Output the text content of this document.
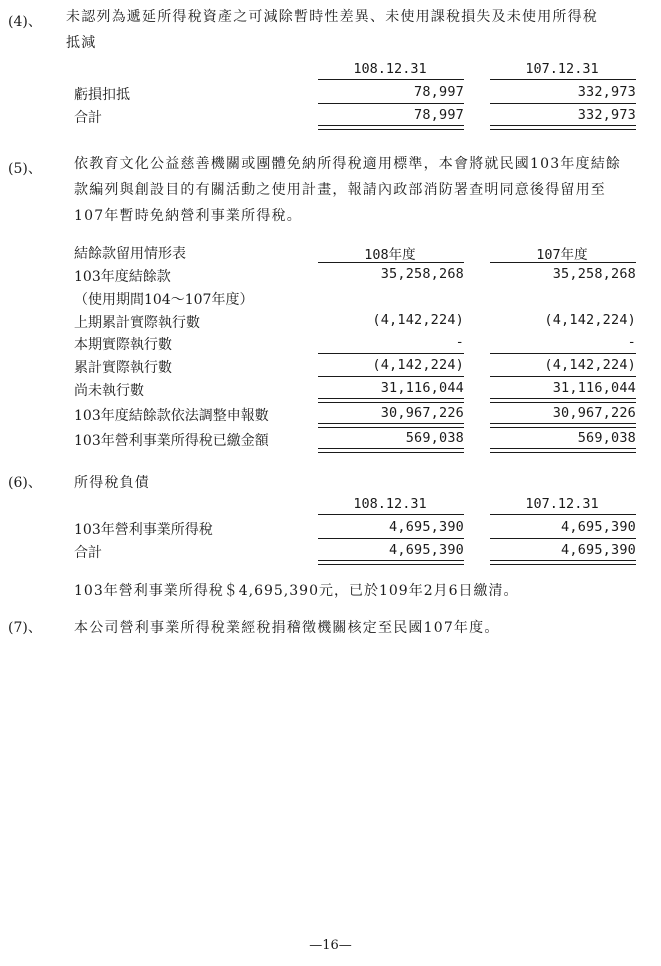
(4)、 未認列為遞延所得稅資產之可減除暫時性差異、未使用課稅損失及未使用所得稅
抵減
108.12.31	107.12.31
虧損扣抵	78,997	332,973
合計	78,997	332,973
(5)、 依教育文化公益慈善機關或團體免納所得稅適用標準，本會將就民國103年度結餘
款編列與創設目的有關活動之使用計畫，報請內政部消防署查明同意後得留用至
107年暫時免納營利事業所得稅。
結餘款留用情形表	108年度	107年度
103年度結餘款	35,258,268	35,258,268
（使用期間104～107年度）
上期累計實際執行數	(4,142,224)	(4,142,224)
本期實際執行數	-	-
累計實際執行數	(4,142,224)	(4,142,224)
尚未執行數	31,116,044	31,116,044
103年度結餘款依法調整申報數	30,967,226	30,967,226
103年營利事業所得稅已繳金額	569,038	569,038
(6)、 所得稅負債
108.12.31	107.12.31
103年營利事業所得稅	4,695,390	4,695,390
合計	4,695,390	4,695,390
103年營利事業所得稅＄4,695,390元，已於109年2月6日繳清。
(7)、 本公司營利事業所得稅業經稅捐稽徵機關核定至民國107年度。
—16—
